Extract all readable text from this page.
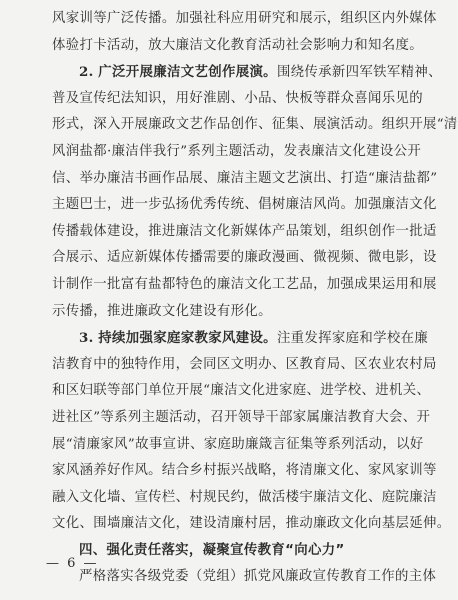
风家训等广泛传播。加强社科应用研究和展示，组织区内外媒体
体验打卡活动，放大廉洁文化教育活动社会影响力和知名度。
2. 广泛开展廉洁文艺创作展演。围绕传承新四军铁军精神、
普及宣传纪法知识，用好淮剧、小品、快板等群众喜闻乐见的
形式，深入开展廉政文艺作品创作、征集、展演活动。组织开展“清
风润盐都·廉洁伴我行”系列主题活动，发表廉洁文化建设公开
信、举办廉洁书画作品展、廉洁主题文艺演出、打造“廉洁盐都”
主题巴士，进一步弘扬优秀传统、倡树廉洁风尚。加强廉洁文化
传播载体建设，推进廉洁文化新媒体产品策划，组织创作一批适
合展示、适应新媒体传播需要的廉政漫画、微视频、微电影，设
计制作一批富有盐都特色的廉洁文化工艺品，加强成果运用和展
示传播，推进廉政文化建设有形化。
3. 持续加强家庭家教家风建设。注重发挥家庭和学校在廉
洁教育中的独特作用，会同区文明办、区教育局、区农业农村局
和区妇联等部门单位开展“廉洁文化进家庭、进学校、进机关、
进社区”等系列主题活动，召开领导干部家属廉洁教育大会、开
展“清廉家风”故事宣讲、家庭助廉箴言征集等系列活动，以好
家风涵养好作风。结合乡村振兴战略，将清廉文化、家风家训等
融入文化墙、宣传栏、村规民约，做活楼宇廉洁文化、庭院廉洁
文化、围墙廉洁文化，建设清廉村居，推动廉政文化向基层延伸。
四、强化责任落实，凝聚宣传教育“向心力”
严格落实各级党委（党组）抓党风廉政宣传教育工作的主体
— 6 —
